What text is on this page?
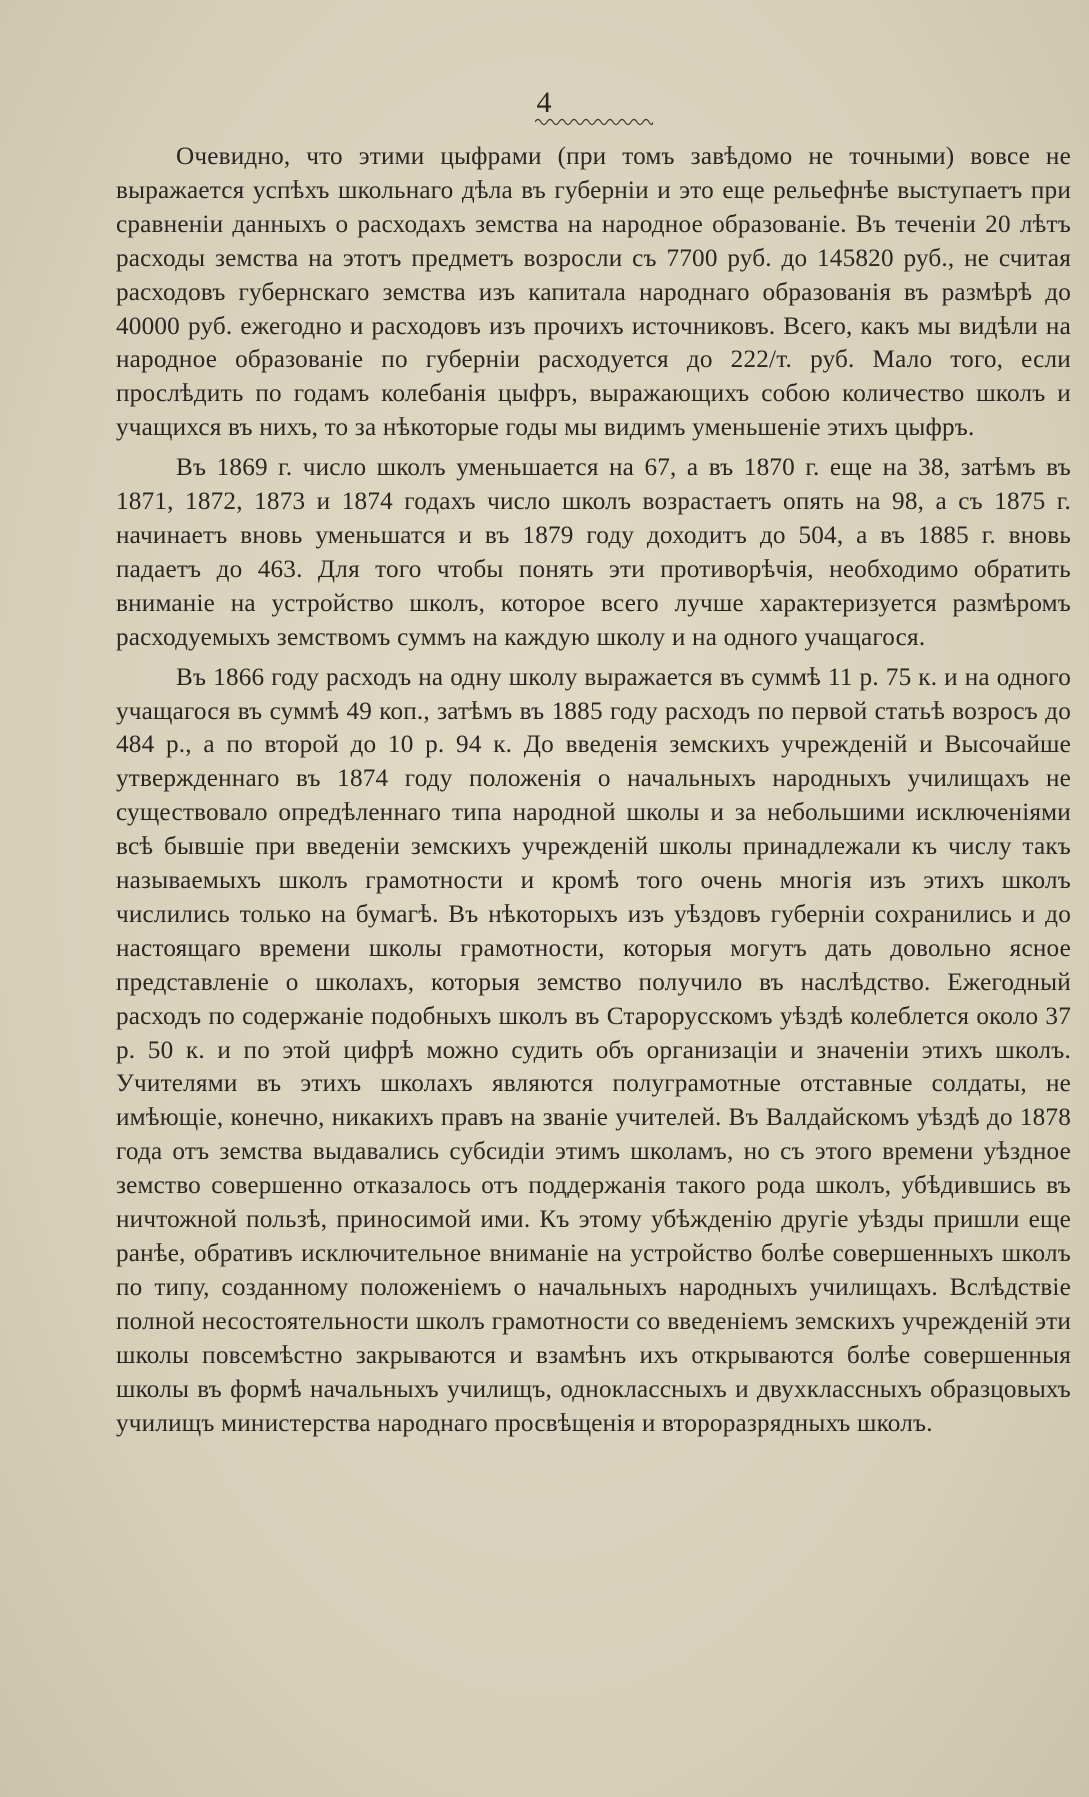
4

Очевидно, что этими цыфрами (при томъ завѣдомо не точными) вовсе не выражается успѣхъ школьнаго дѣла въ губерніи и это еще рельефнѣе выступаетъ при сравненіи данныхъ о расходахъ земства на народное образованіе. Въ теченіи 20 лѣтъ расходы земства на этотъ предметъ возросли съ 7700 руб. до 145820 руб., не считая расходовъ губернскаго земства изъ капитала народнаго образованія въ размѣрѣ до 40000 руб. ежегодно и расходовъ изъ прочихъ источниковъ. Всего, какъ мы видѣли на народное образованіе по губерніи расходуется до 222/т. руб. Мало того, если прослѣдить по годамъ колебанія цыфръ, выражающихъ собою количество школъ и учащихся въ нихъ, то за нѣкоторые годы мы видимъ уменьшеніе этихъ цыфръ.

Въ 1869 г. число школъ уменьшается на 67, а въ 1870 г. еще на 38, затѣмъ въ 1871, 1872, 1873 и 1874 годахъ число школъ возрастаетъ опять на 98, а съ 1875 г. начинаетъ вновь уменьшатся и въ 1879 году доходитъ до 504, а въ 1885 г. вновь падаетъ до 463. Для того чтобы понять эти противорѣчія, необходимо обратить вниманіе на устройство школъ, которое всего лучше характеризуется размѣромъ расходуемыхъ земствомъ суммъ на каждую школу и на одного учащагося.

Въ 1866 году расходъ на одну школу выражается въ суммѣ 11 р. 75 к. и на одного учащагося въ суммѣ 49 коп., затѣмъ въ 1885 году расходъ по первой статьѣ возросъ до 484 р., а по второй до 10 р. 94 к. До введенія земскихъ учрежденій и Высочайше утвержденнаго въ 1874 году положенія о начальныхъ народныхъ училищахъ не существовало опредѣленнаго типа народной школы и за небольшими исключеніями всѣ бывшіе при введеніи земскихъ учрежденій школы принадлежали къ числу такъ называемыхъ школъ грамотности и кромѣ того очень многія изъ этихъ школъ числились только на бумагѣ. Въ нѣкоторыхъ изъ уѣздовъ губерніи сохранились и до настоящаго времени школы грамотности, которыя могутъ дать довольно ясное представленіе о школахъ, которыя земство получило въ наслѣдство. Ежегодный расходъ по содержаніе подобныхъ школъ въ Старорусскомъ уѣздѣ колеблется около 37 р. 50 к. и по этой цифрѣ можно судить объ организаціи и значеніи этихъ школъ. Учителями въ этихъ школахъ являются полуграмотные отставные солдаты, не имѣющіе, конечно, никакихъ правъ на званіе учителей. Въ Валдайскомъ уѣздѣ до 1878 года отъ земства выдавались субсидіи этимъ школамъ, но съ этого времени уѣздное земство совершенно отказалось отъ поддержанія такого рода школъ, убѣдившись въ ничтожной пользѣ, приносимой ими. Къ этому убѣжденію другіе уѣзды пришли еще ранѣе, обративъ исключительное вниманіе на устройство болѣе совершенныхъ школъ по типу, созданному положеніемъ о начальныхъ народныхъ училищахъ. Вслѣдствіе полной несостоятельности школъ грамотности со введеніемъ земскихъ учрежденій эти школы повсемѣстно закрываются и взамѣнъ ихъ открываются болѣе совершенныя школы въ формѣ начальныхъ училищъ, одноклассныхъ и двухклассныхъ образцовыхъ училищъ министерства народнаго просвѣщенія и второразрядныхъ школъ.
